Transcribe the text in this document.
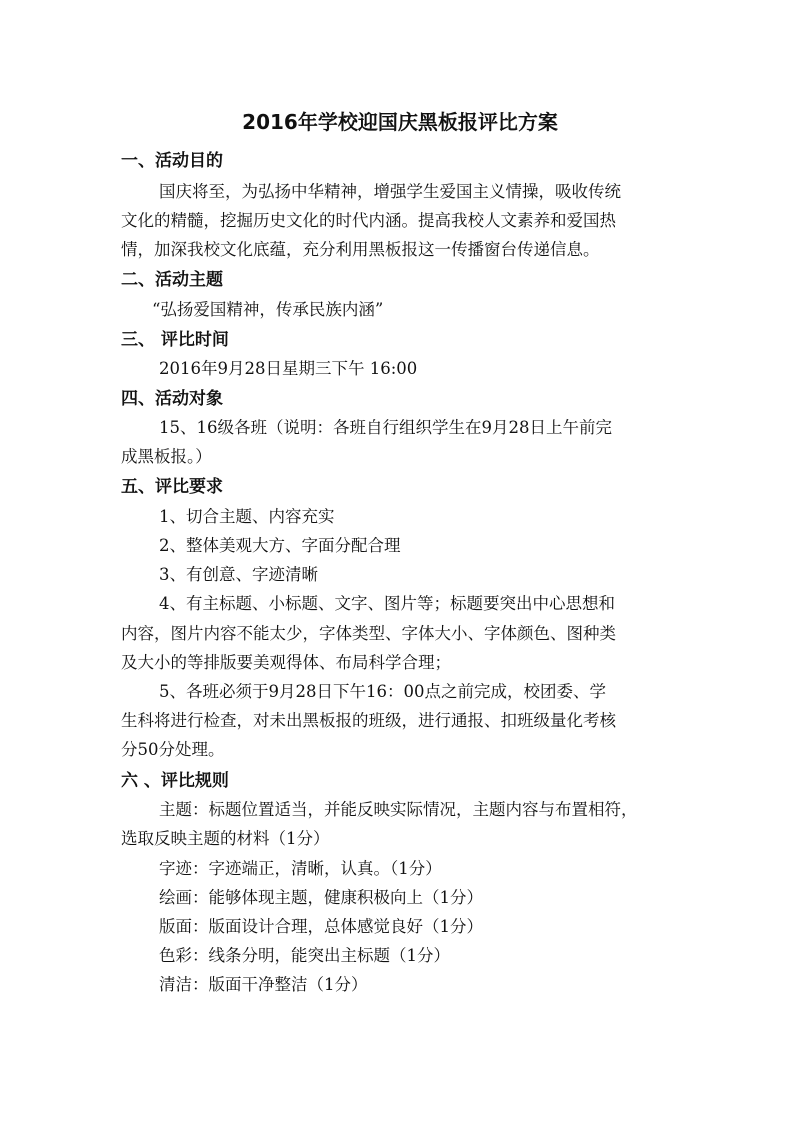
2016年学校迎国庆黑板报评比方案
一、活动目的
国庆将至，为弘扬中华精神，增强学生爱国主义情操，吸收传统
文化的精髓，挖掘历史文化的时代内涵。提高我校人文素养和爱国热
情，加深我校文化底蕴，充分利用黑板报这一传播窗台传递信息。
二、活动主题
“弘扬爱国精神，传承民族内涵”
三、 评比时间
2016年9月28日星期三下午 16:00
四、活动对象
15、16级各班（说明：各班自行组织学生在9月28日上午前完
成黑板报。）
五、评比要求
1、切合主题、内容充实
2、整体美观大方、字面分配合理
3、有创意、字迹清晰
4、有主标题、小标题、文字、图片等；标题要突出中心思想和
内容，图片内容不能太少，字体类型、字体大小、字体颜色、图种类
及大小的等排版要美观得体、布局科学合理；
5、各班必须于9月28日下午16：00点之前完成，校团委、学
生科将进行检查，对未出黑板报的班级，进行通报、扣班级量化考核
分50分处理。
六 、评比规则
主题：标题位置适当，并能反映实际情况，主题内容与布置相符，
选取反映主题的材料（1分）
字迹：字迹端正，清晰，认真。（1分）
绘画：能够体现主题，健康积极向上（1分）
版面：版面设计合理，总体感觉良好（1分）
色彩：线条分明，能突出主标题（1分）
清洁：版面干净整洁（1分）
